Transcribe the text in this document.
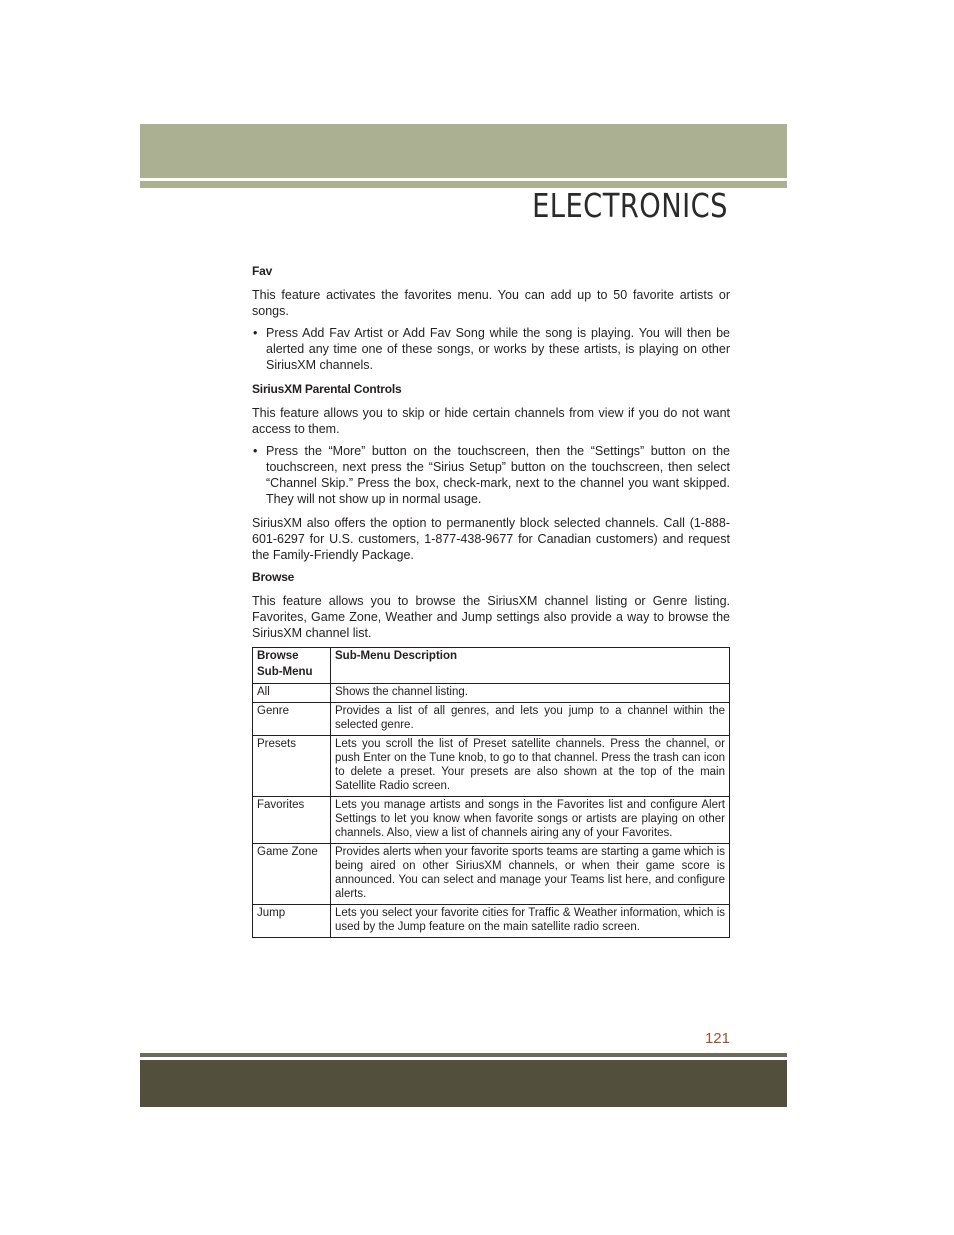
ELECTRONICS
Fav

This feature activates the favorites menu. You can add up to 50 favorite artists or songs.

• Press Add Fav Artist or Add Fav Song while the song is playing. You will then be alerted any time one of these songs, or works by these artists, is playing on other SiriusXM channels.
SiriusXM Parental Controls

This feature allows you to skip or hide certain channels from view if you do not want access to them.

• Press the “More” button on the touchscreen, then the “Settings” button on the touchscreen, next press the “Sirius Setup” button on the touchscreen, then select “Channel Skip.” Press the box, check-mark, next to the channel you want skipped. They will not show up in normal usage.

SiriusXM also offers the option to permanently block selected channels. Call (1-888-601-6297 for U.S. customers, 1-877-438-9677 for Canadian customers) and request the Family-Friendly Package.

Browse

This feature allows you to browse the SiriusXM channel listing or Genre listing. Favorites, Game Zone, Weather and Jump settings also provide a way to browse the SiriusXM channel list.

Browse
Sub-Menu	Sub-Menu Description
All	Shows the channel listing.
Genre	Provides a list of all genres, and lets you jump to a channel within the selected genre.
Presets	Lets you scroll the list of Preset satellite channels. Press the channel, or push Enter on the Tune knob, to go to that channel. Press the trash can icon to delete a preset. Your presets are also shown at the top of the main Satellite Radio screen.
Favorites	Lets you manage artists and songs in the Favorites list and configure Alert Settings to let you know when favorite songs or artists are playing on other channels. Also, view a list of channels airing any of your Favorites.
Game Zone	Provides alerts when your favorite sports teams are starting a game which is being aired on other SiriusXM channels, or when their game score is announced. You can select and manage your Teams list here, and configure alerts.
Jump	Lets you select your favorite cities for Traffic & Weather information, which is used by the Jump feature on the main satellite radio screen.
121
